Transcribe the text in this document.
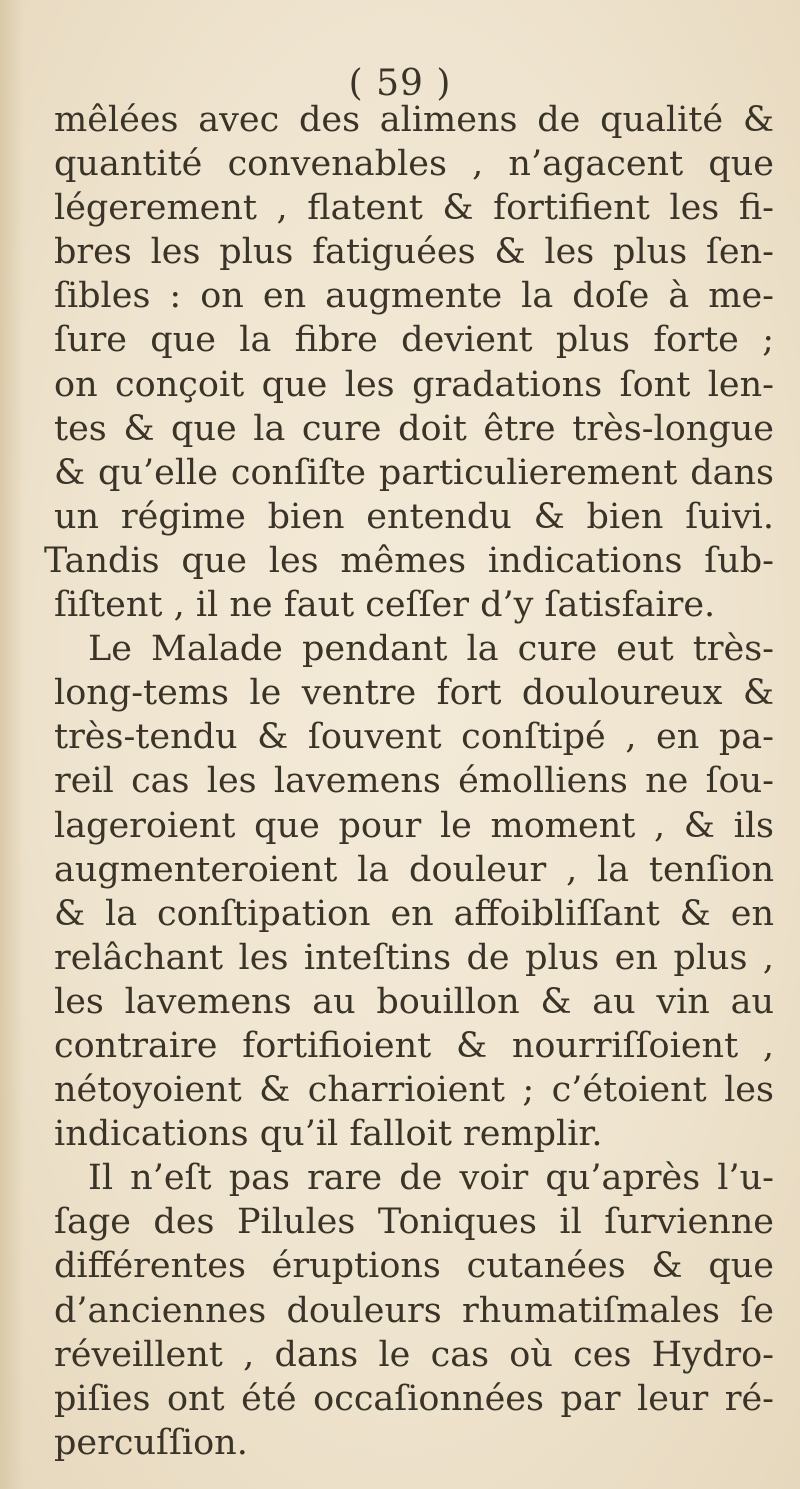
( 59 )
mêlées avec des alimens de qualité &
quantité convenables , n’agacent que
légerement , flatent & fortifient les fi-
bres les plus fatiguées & les plus ſen-
ſibles : on en augmente la doſe à me-
ſure que la fibre devient plus forte ;
on conçoit que les gradations ſont len-
tes & que la cure doit être très-longue
& qu’elle conſiſte particulierement dans
un régime bien entendu & bien ſuivi.
Tandis que les mêmes indications ſub-
ſiſtent , il ne faut ceſſer d’y ſatisfaire.
Le Malade pendant la cure eut très-
long-tems le ventre fort douloureux &
très-tendu & ſouvent conſtipé , en pa-
reil cas les lavemens émolliens ne ſou-
lageroient que pour le moment , & ils
augmenteroient la douleur , la tenſion
& la conſtipation en affoibliſſant & en
relâchant les inteſtins de plus en plus ,
les lavemens au bouillon & au vin au
contraire fortifioient & nourriſſoient ,
nétoyoient & charrioient ; c’étoient les
indications qu’il falloit remplir.
Il n’eſt pas rare de voir qu’après l’u-
ſage des Pilules Toniques il ſurvienne
différentes éruptions cutanées & que
d’anciennes douleurs rhumatiſmales ſe
réveillent , dans le cas où ces Hydro-
piſies ont été occaſionnées par leur ré-
percuſſion.
